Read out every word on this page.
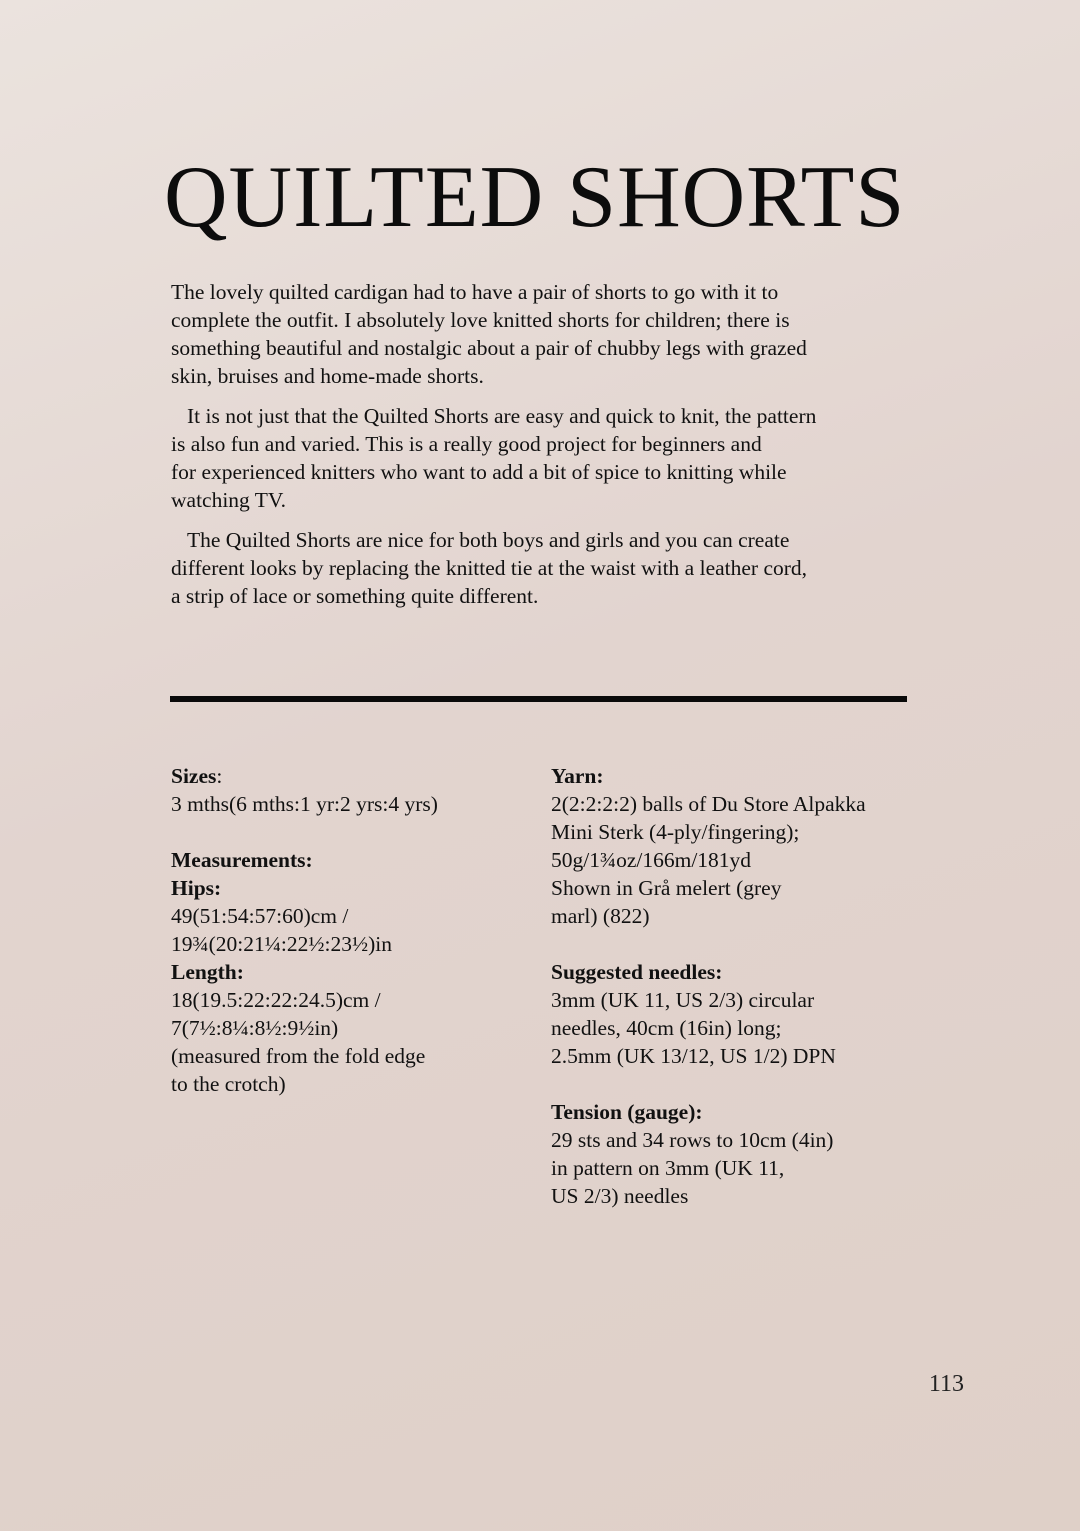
QUILTED SHORTS

The lovely quilted cardigan had to have a pair of shorts to go with it to
complete the outfit. I absolutely love knitted shorts for children; there is
something beautiful and nostalgic about a pair of chubby legs with grazed
skin, bruises and home-made shorts.

It is not just that the Quilted Shorts are easy and quick to knit, the pattern
is also fun and varied. This is a really good project for beginners and
for experienced knitters who want to add a bit of spice to knitting while
watching TV.

The Quilted Shorts are nice for both boys and girls and you can create
different looks by replacing the knitted tie at the waist with a leather cord,
a strip of lace or something quite different.

Sizes:
3 mths(6 mths:1 yr:2 yrs:4 yrs)
Measurements:
Hips:
49(51:54:57:60)cm /
19¾(20:21¼:22½:23½)in
Length:
18(19.5:22:22:24.5)cm /
7(7½:8¼:8½:9½in)
(measured from the fold edge
to the crotch)
Yarn:
2(2:2:2:2) balls of Du Store Alpakka
Mini Sterk (4-ply/fingering);
50g/1¾oz/166m/181yd
Shown in Grå melert (grey
marl) (822)
Suggested needles:
3mm (UK 11, US 2/3) circular
needles, 40cm (16in) long;
2.5mm (UK 13/12, US 1/2) DPN
Tension (gauge):
29 sts and 34 rows to 10cm (4in)
in pattern on 3mm (UK 11,
US 2/3) needles
113
